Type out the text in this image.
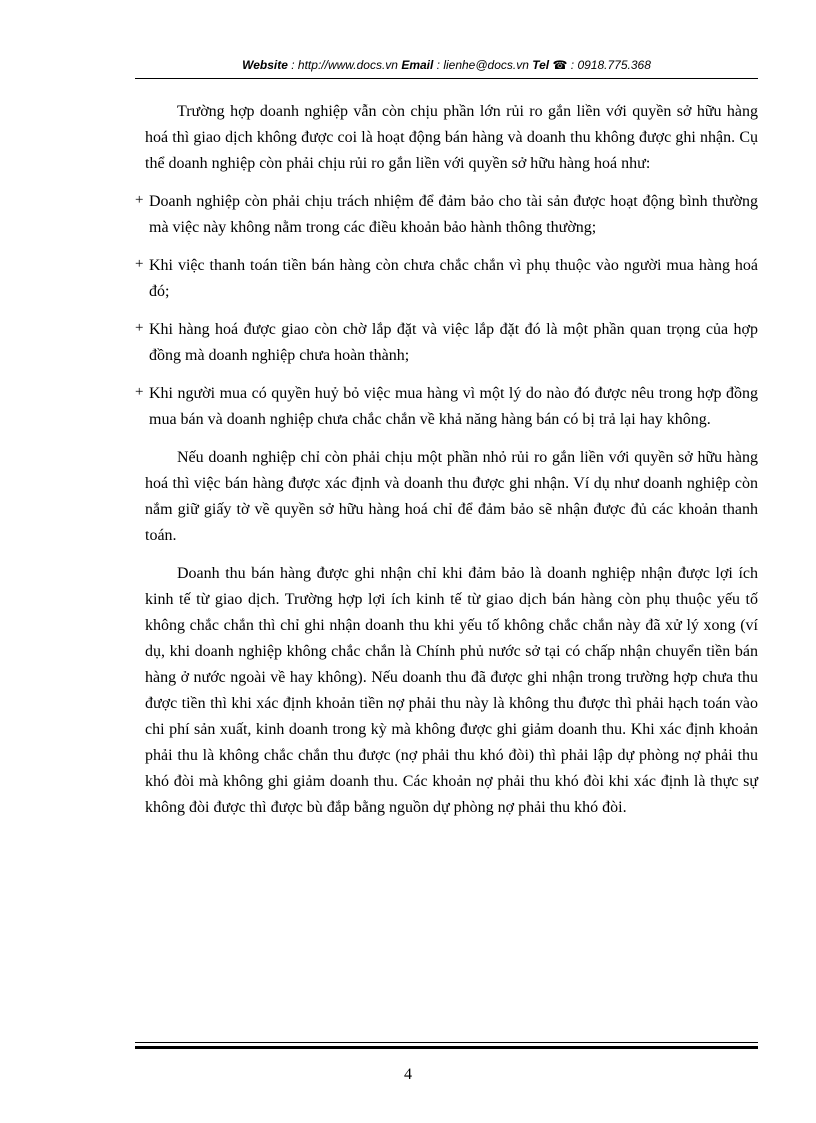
Website : http://www.docs.vn Email : lienhe@docs.vn Tel ☎ : 0918.775.368

Trường hợp doanh nghiệp vẫn còn chịu phần lớn rủi ro gắn liền với quyền sở hữu hàng hoá thì giao dịch không được coi là hoạt động bán hàng và doanh thu không được ghi nhận. Cụ thể doanh nghiệp còn phải chịu rủi ro gắn liền với quyền sở hữu hàng hoá như:

+ Doanh nghiệp còn phải chịu trách nhiệm để đảm bảo cho tài sản được hoạt động bình thường mà việc này không nằm trong các điều khoản bảo hành thông thường;
+ Khi việc thanh toán tiền bán hàng còn chưa chắc chắn vì phụ thuộc vào người mua hàng hoá đó;
+ Khi hàng hoá được giao còn chờ lắp đặt và việc lắp đặt đó là một phần quan trọng của hợp đồng mà doanh nghiệp chưa hoàn thành;
+ Khi người mua có quyền huỷ bỏ việc mua hàng vì một lý do nào đó được nêu trong hợp đồng mua bán và doanh nghiệp chưa chắc chắn về khả năng hàng bán có bị trả lại hay không.

Nếu doanh nghiệp chỉ còn phải chịu một phần nhỏ rủi ro gắn liền với quyền sở hữu hàng hoá thì việc bán hàng được xác định và doanh thu được ghi nhận. Ví dụ như doanh nghiệp còn nắm giữ giấy tờ về quyền sở hữu hàng hoá chỉ để đảm bảo sẽ nhận được đủ các khoản thanh toán.

Doanh thu bán hàng được ghi nhận chỉ khi đảm bảo là doanh nghiệp nhận được lợi ích kinh tế từ giao dịch. Trường hợp lợi ích kinh tế từ giao dịch bán hàng còn phụ thuộc yếu tố không chắc chắn thì chỉ ghi nhận doanh thu khi yếu tố không chắc chắn này đã xử lý xong (ví dụ, khi doanh nghiệp không chắc chắn là Chính phủ nước sở tại có chấp nhận chuyển tiền bán hàng ở nước ngoài về hay không). Nếu doanh thu đã được ghi nhận trong trường hợp chưa thu được tiền thì khi xác định khoản tiền nợ phải thu này là không thu được thì phải hạch toán vào chi phí sản xuất, kinh doanh trong kỳ mà không được ghi giảm doanh thu. Khi xác định khoản phải thu là không chắc chắn thu được (nợ phải thu khó đòi) thì phải lập dự phòng nợ phải thu khó đòi mà không ghi giảm doanh thu. Các khoản nợ phải thu khó đòi khi xác định là thực sự không đòi được thì được bù đắp bằng nguồn dự phòng nợ phải thu khó đòi.

4
